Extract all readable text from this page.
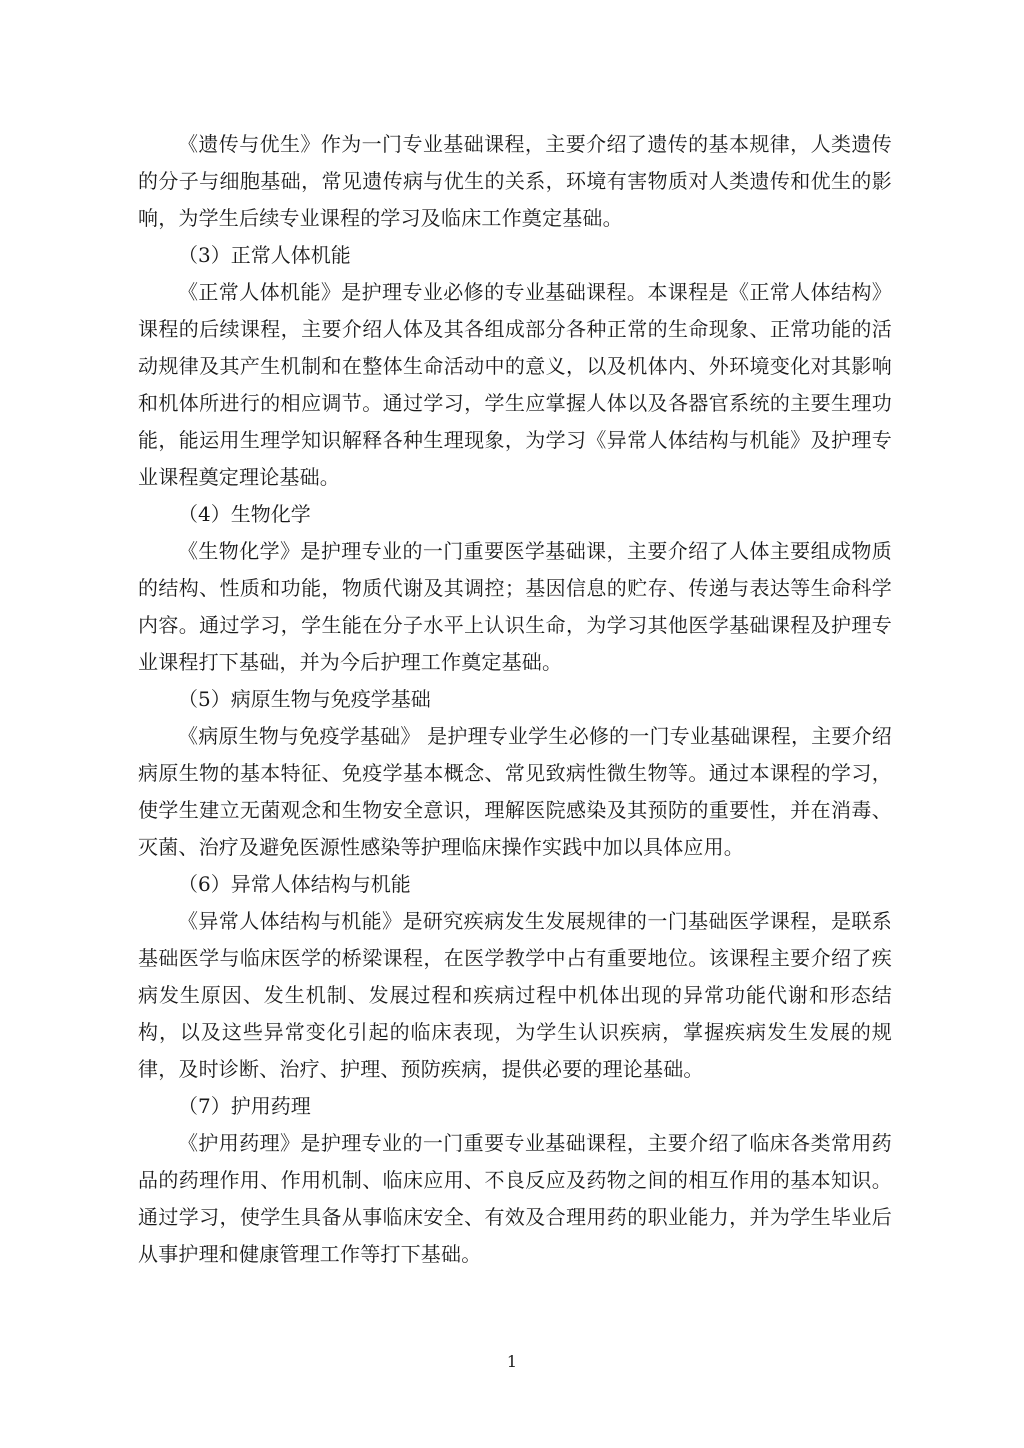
《遗传与优生》作为一门专业基础课程，主要介绍了遗传的基本规律，人类遗传的分子与细胞基础，常见遗传病与优生的关系，环境有害物质对人类遗传和优生的影响，为学生后续专业课程的学习及临床工作奠定基础。

（3）正常人体机能

《正常人体机能》是护理专业必修的专业基础课程。本课程是《正常人体结构》课程的后续课程，主要介绍人体及其各组成部分各种正常的生命现象、正常功能的活动规律及其产生机制和在整体生命活动中的意义，以及机体内、外环境变化对其影响和机体所进行的相应调节。通过学习，学生应掌握人体以及各器官系统的主要生理功能，能运用生理学知识解释各种生理现象，为学习《异常人体结构与机能》及护理专业课程奠定理论基础。

（4）生物化学

《生物化学》是护理专业的一门重要医学基础课，主要介绍了人体主要组成物质的结构、性质和功能，物质代谢及其调控；基因信息的贮存、传递与表达等生命科学内容。通过学习，学生能在分子水平上认识生命，为学习其他医学基础课程及护理专业课程打下基础，并为今后护理工作奠定基础。

（5）病原生物与免疫学基础

《病原生物与免疫学基础》 是护理专业学生必修的一门专业基础课程，主要介绍病原生物的基本特征、免疫学基本概念、常见致病性微生物等。通过本课程的学习，使学生建立无菌观念和生物安全意识，理解医院感染及其预防的重要性，并在消毒、灭菌、治疗及避免医源性感染等护理临床操作实践中加以具体应用。

（6）异常人体结构与机能

《异常人体结构与机能》是研究疾病发生发展规律的一门基础医学课程，是联系基础医学与临床医学的桥梁课程，在医学教学中占有重要地位。该课程主要介绍了疾病发生原因、发生机制、发展过程和疾病过程中机体出现的异常功能代谢和形态结构，以及这些异常变化引起的临床表现，为学生认识疾病，掌握疾病发生发展的规律，及时诊断、治疗、护理、预防疾病，提供必要的理论基础。

（7）护用药理

《护用药理》是护理专业的一门重要专业基础课程，主要介绍了临床各类常用药品的药理作用、作用机制、临床应用、不良反应及药物之间的相互作用的基本知识。通过学习，使学生具备从事临床安全、有效及合理用药的职业能力，并为学生毕业后从事护理和健康管理工作等打下基础。

1
